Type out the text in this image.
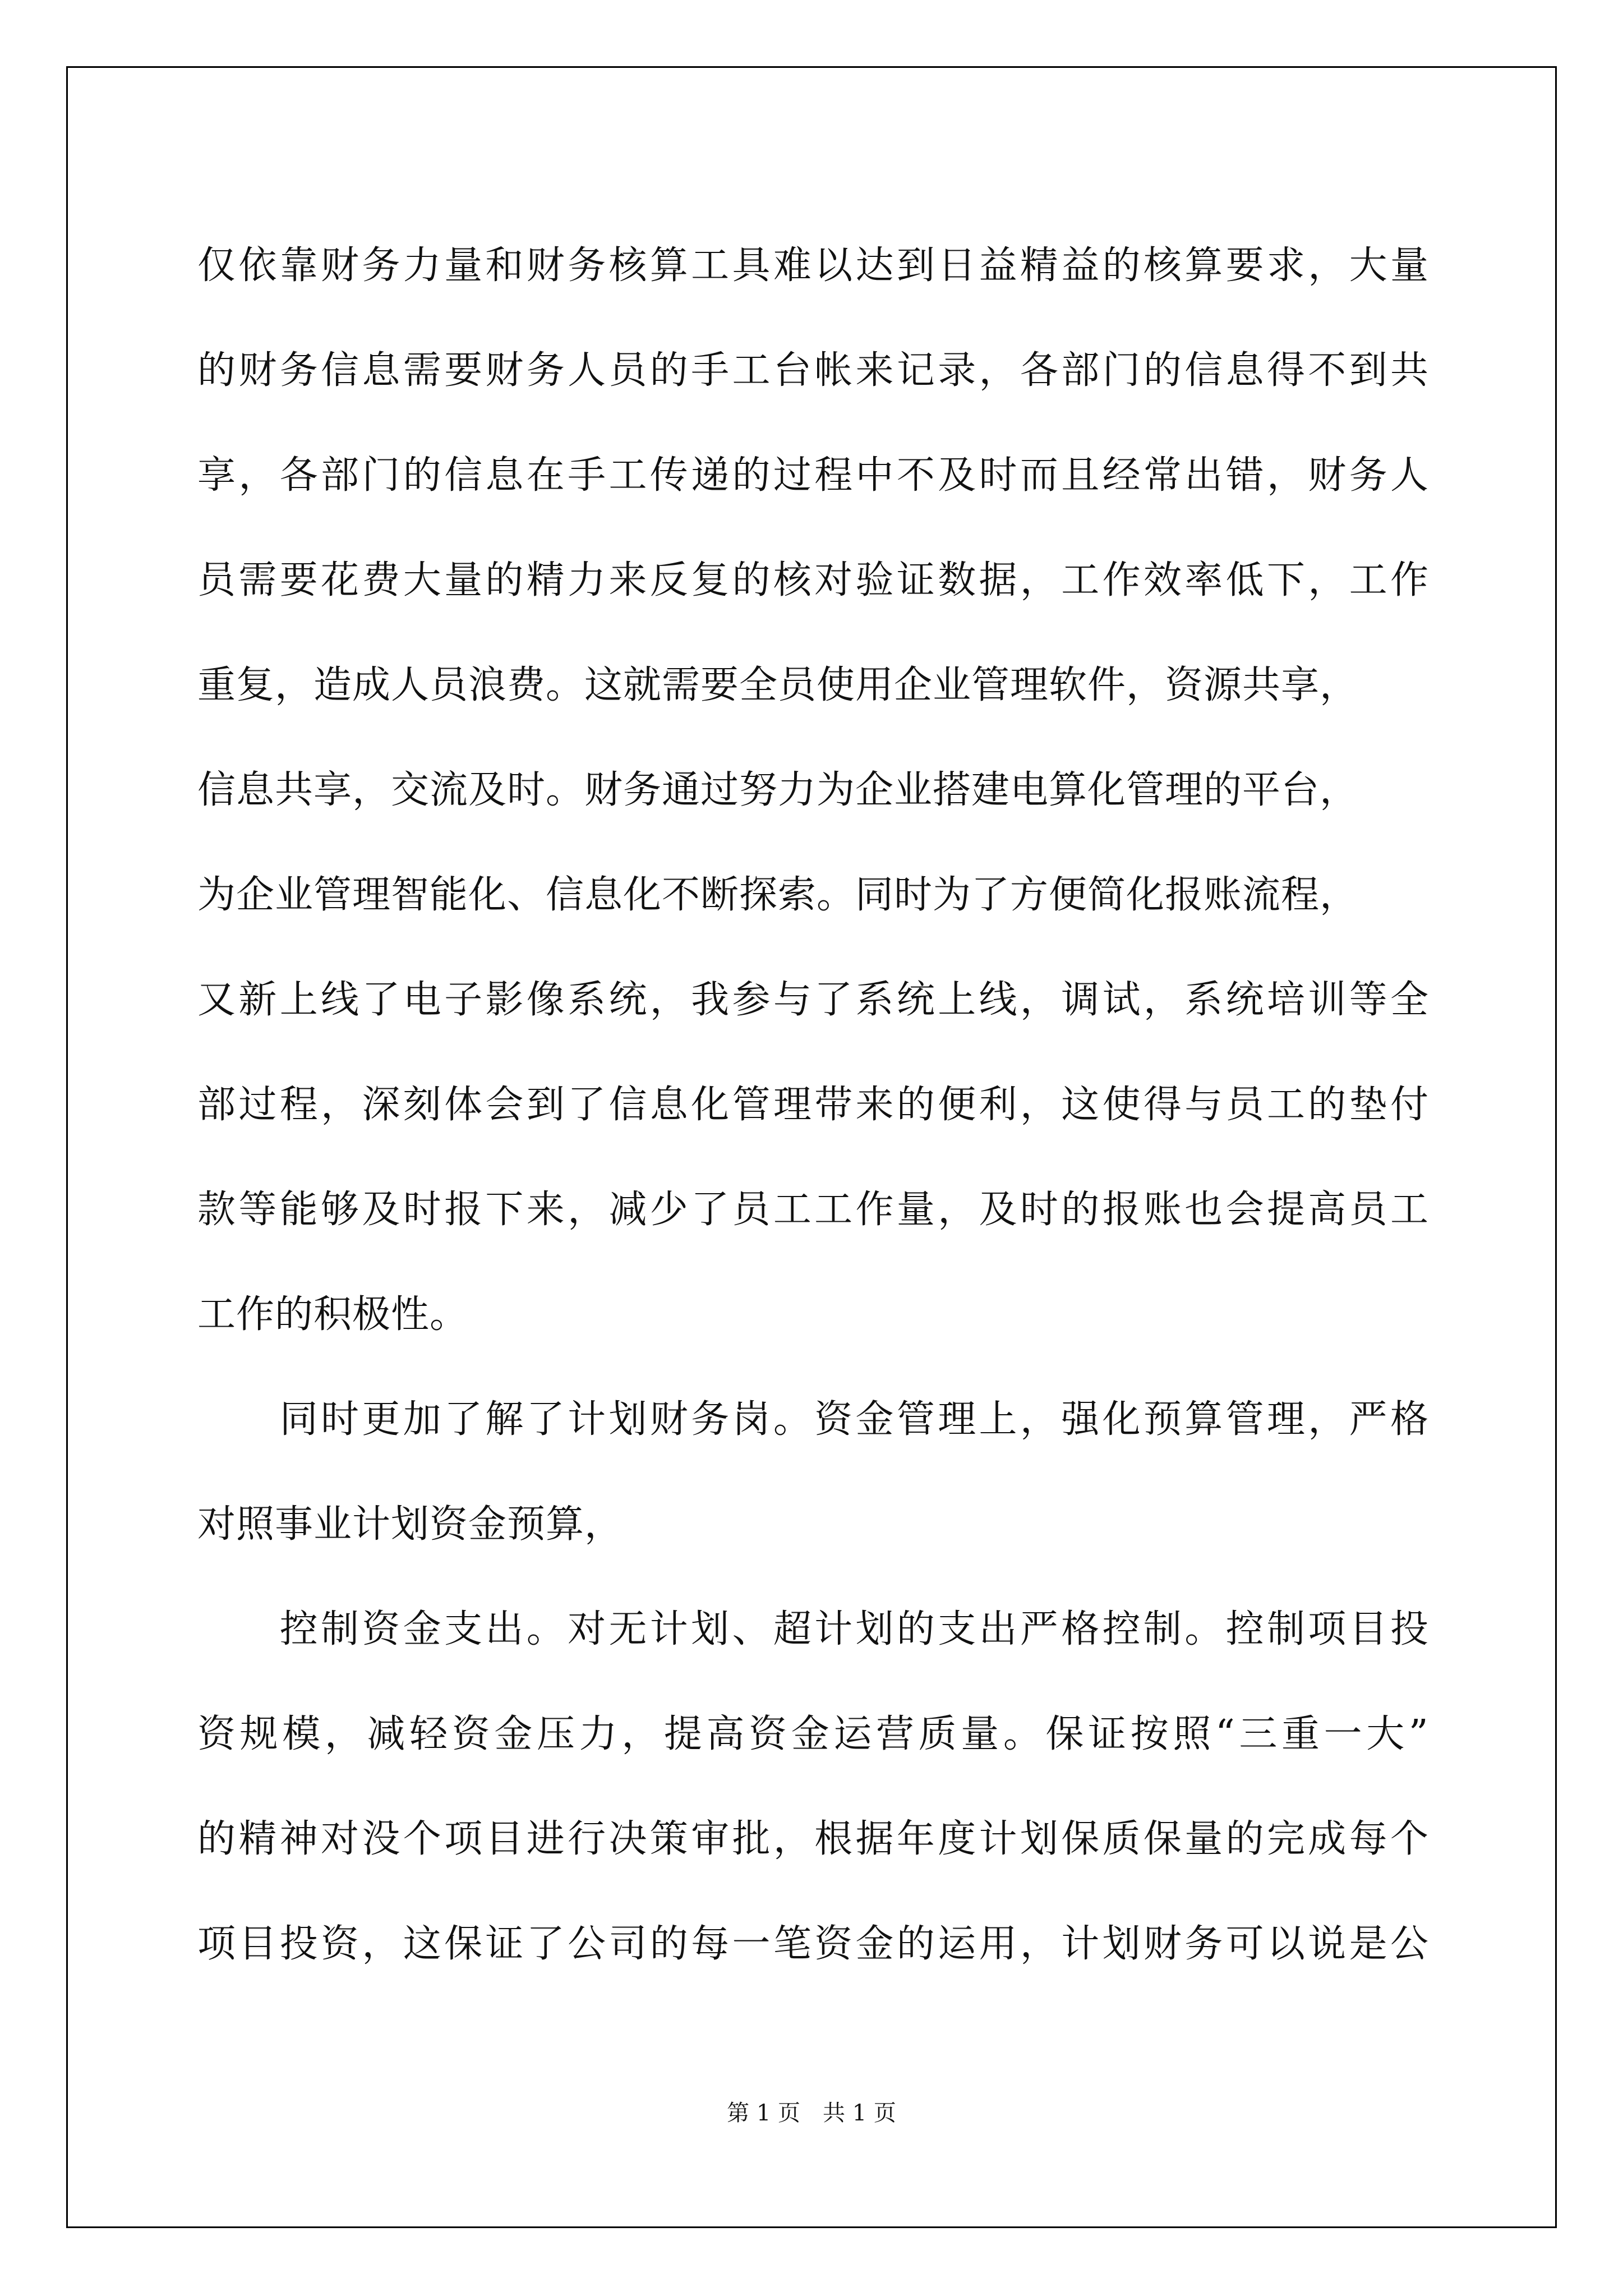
仅 依 靠 财 务 力 量 和 财 务 核 算 工 具 难 以 达 到 日 益 精 益 的 核 算 要 求 ， 大 量
的 财 务 信 息 需 要 财 务 人 员 的 手 工 台 帐 来 记 录 ， 各 部 门 的 信 息 得 不 到 共
享 ， 各 部 门 的 信 息 在 手 工 传 递 的 过 程 中 不 及 时 而 且 经 常 出 错 ， 财 务 人
员 需 要 花 费 大 量 的 精 力 来 反 复 的 核 对 验 证 数 据 ， 工 作 效 率 低 下 ， 工 作
重复，造成人员浪费。这就需要全员使用企业管理软件，资源共享，
信息共享，交流及时。财务通过努力为企业搭建电算化管理的平台，
为企业管理智能化、信息化不断探索。同时为了方便简化报账流程，
又 新 上 线 了 电 子 影 像 系 统 ， 我 参 与 了 系 统 上 线 ， 调 试 ， 系 统 培 训 等 全
部 过 程 ， 深 刻 体 会 到 了 信 息 化 管 理 带 来 的 便 利 ， 这 使 得 与 员 工 的 垫 付
款 等 能 够 及 时 报 下 来 ， 减 少 了 员 工 工 作 量 ， 及 时 的 报 账 也 会 提 高 员 工
工作的积极性。

同 时 更 加 了 解 了 计 划 财 务 岗 。 资 金 管 理 上 ， 强 化 预 算 管 理 ， 严 格
对照事业计划资金预算，

控 制 资 金 支 出 。 对 无 计 划 、 超 计 划 的 支 出 严 格 控 制 。 控 制 项 目 投
资 规 模 ， 减 轻 资 金 压 力 ， 提 高 资 金 运 营 质 量 。 保 证 按 照 “ 三 重 一 大 ”
的 精 神 对 没 个 项 目 进 行 决 策 审 批 ， 根 据 年 度 计 划 保 质 保 量 的 完 成 每 个
项 目 投 资 ， 这 保 证 了 公 司 的 每 一 笔 资 金 的 运 用 ， 计 划 财 务 可 以 说 是 公
第 1 页　共 1 页
